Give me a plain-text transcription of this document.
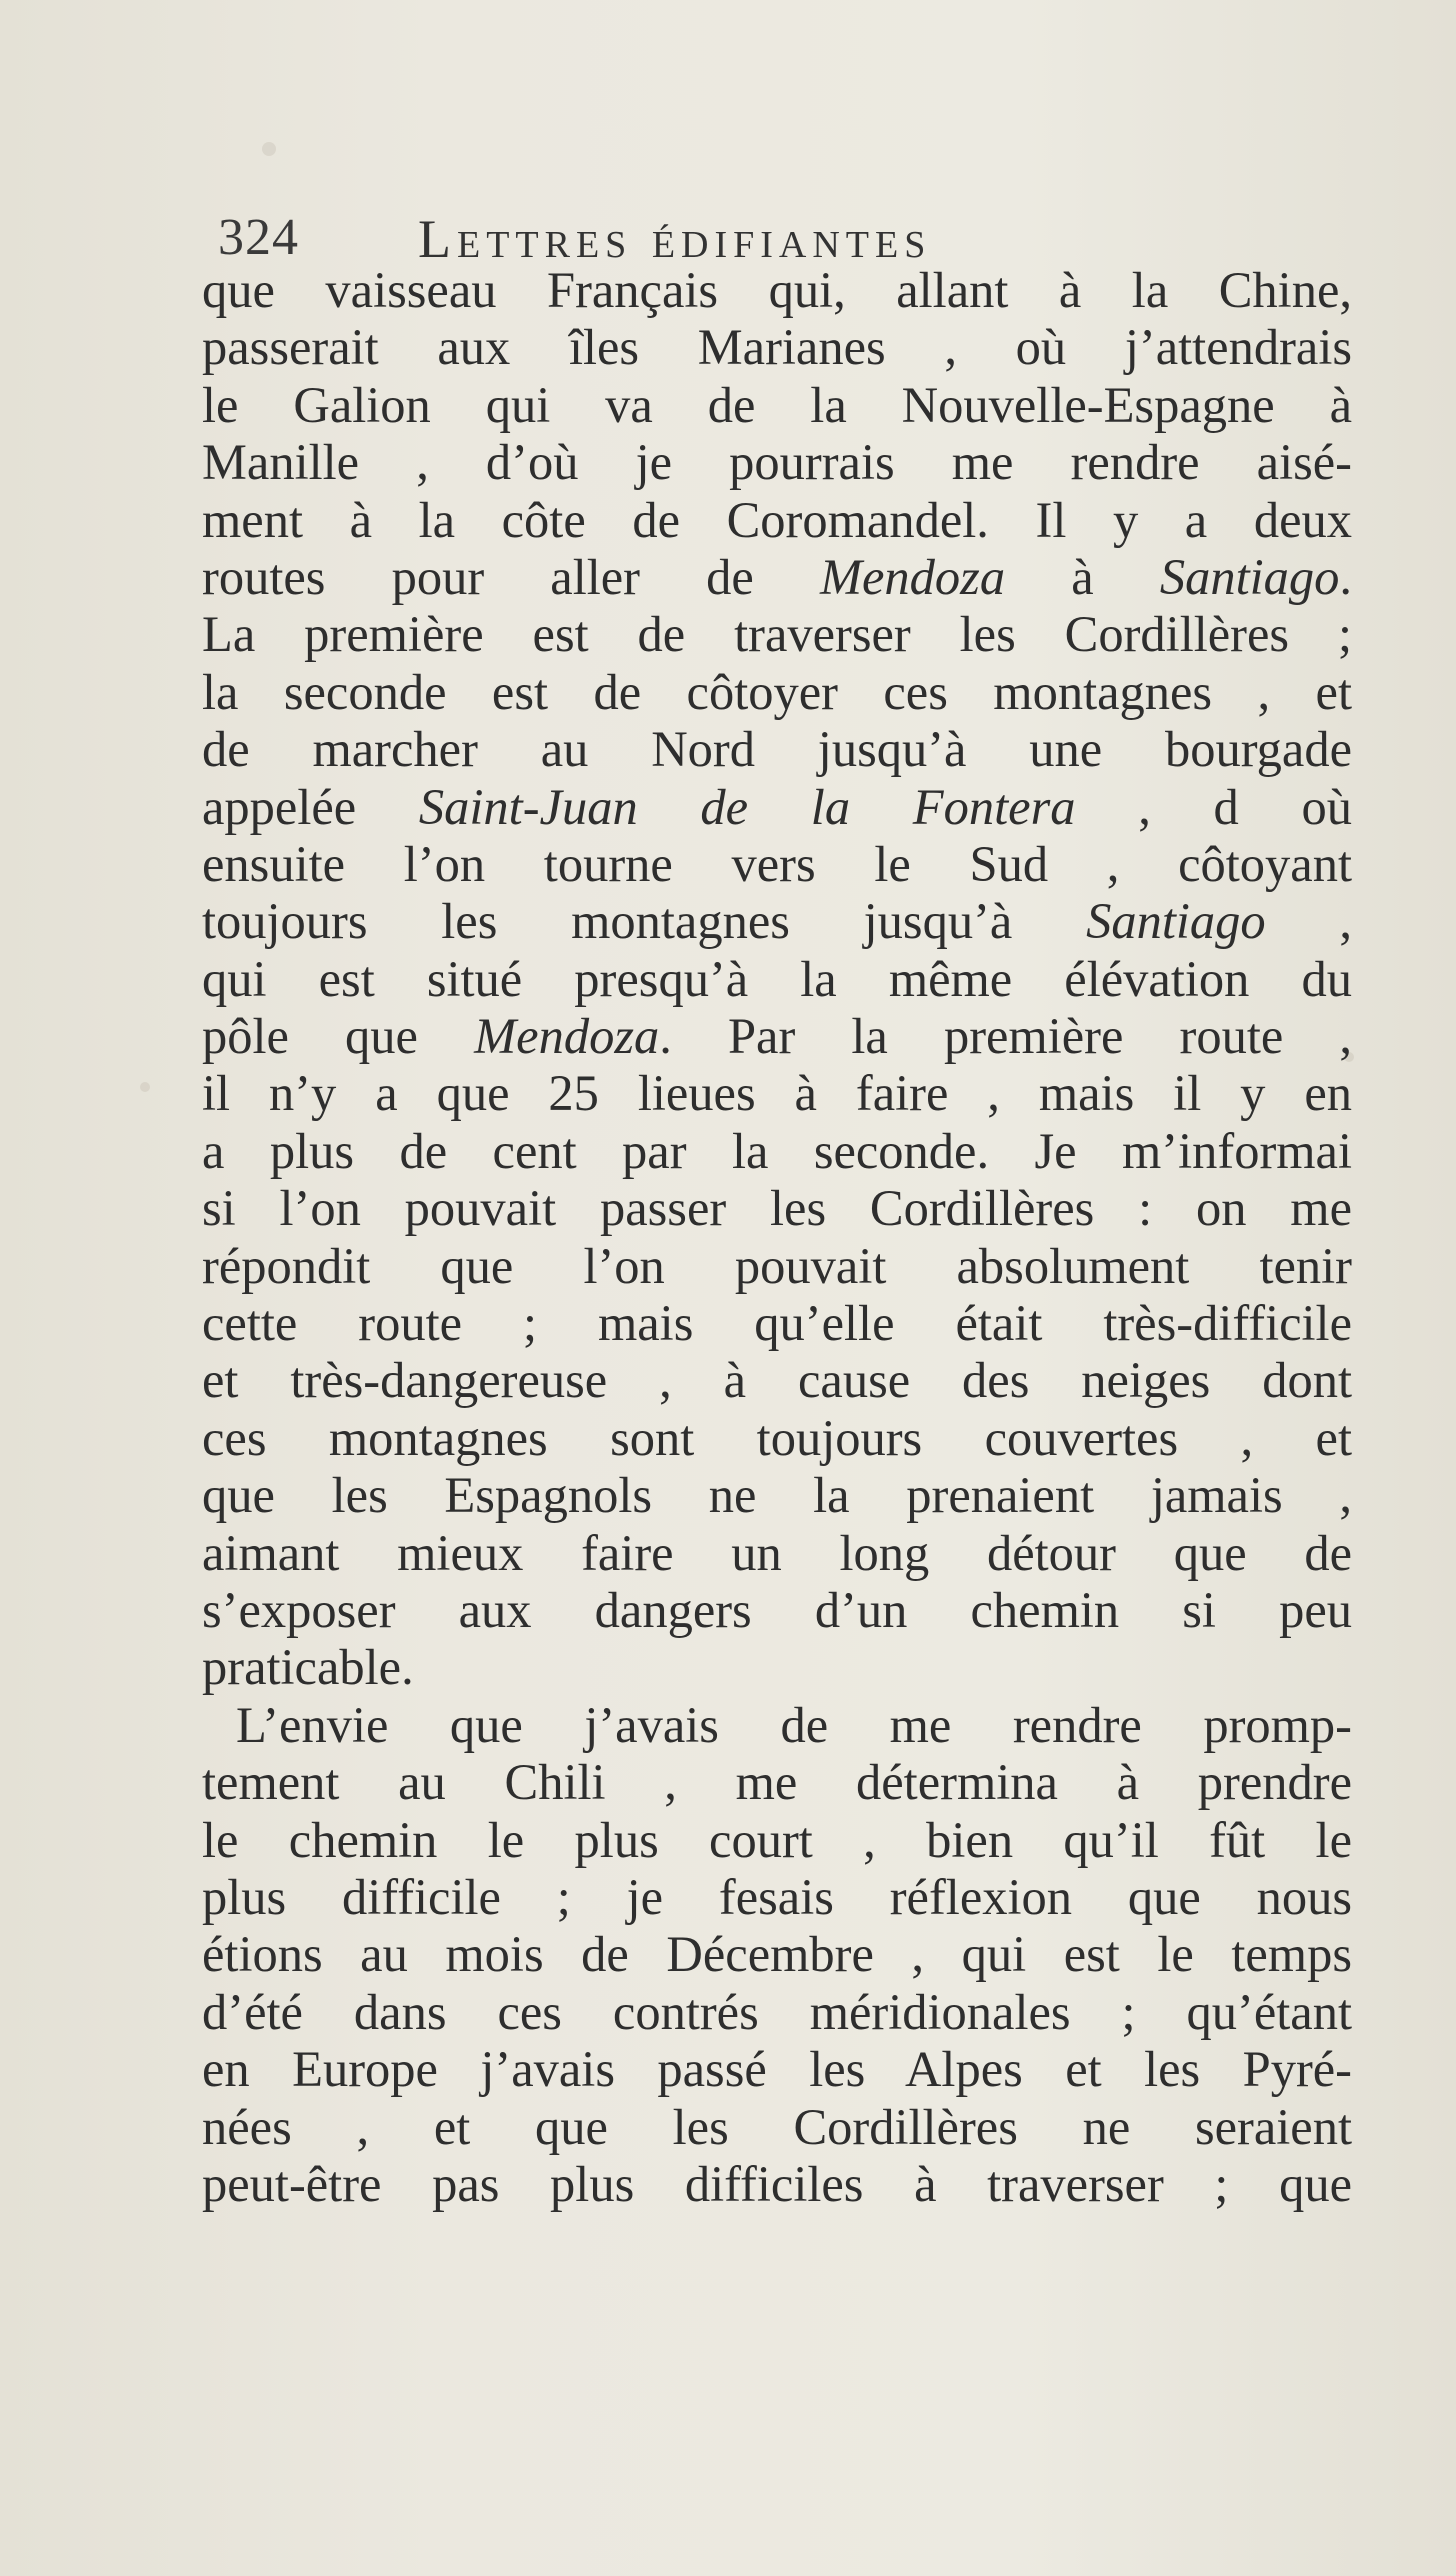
324 Lettres édifiantes
que vaisseau Français qui, allant à la Chine,
passerait aux îles Marianes , où j’attendrais
le Galion qui va de la Nouvelle-Espagne à
Manille , d’où je pourrais me rendre aisé-
ment à la côte de Coromandel. Il y a deux
routes pour aller de Mendoza à Santiago.
La première est de traverser les Cordillères ;
la seconde est de côtoyer ces montagnes , et
de marcher au Nord jusqu’à une bourgade
appelée Saint-Juan de la Fontera , d où
ensuite l’on tourne vers le Sud , côtoyant
toujours les montagnes jusqu’à Santiago ,
qui est situé presqu’à la même élévation du
pôle que Mendoza. Par la première route ,
il n’y a que 25 lieues à faire , mais il y en
a plus de cent par la seconde. Je m’informai
si l’on pouvait passer les Cordillères : on me
répondit que l’on pouvait absolument tenir
cette route ; mais qu’elle était très-difficile
et très-dangereuse , à cause des neiges dont
ces montagnes sont toujours couvertes , et
que les Espagnols ne la prenaient jamais ,
aimant mieux faire un long détour que de
s’exposer aux dangers d’un chemin si peu
praticable.
L’envie que j’avais de me rendre promp-
tement au Chili , me détermina à prendre
le chemin le plus court , bien qu’il fût le
plus difficile ; je fesais réflexion que nous
étions au mois de Décembre , qui est le temps
d’été dans ces contrés méridionales ; qu’étant
en Europe j’avais passé les Alpes et les Pyré-
nées , et que les Cordillères ne seraient
peut-être pas plus difficiles à traverser ; que
